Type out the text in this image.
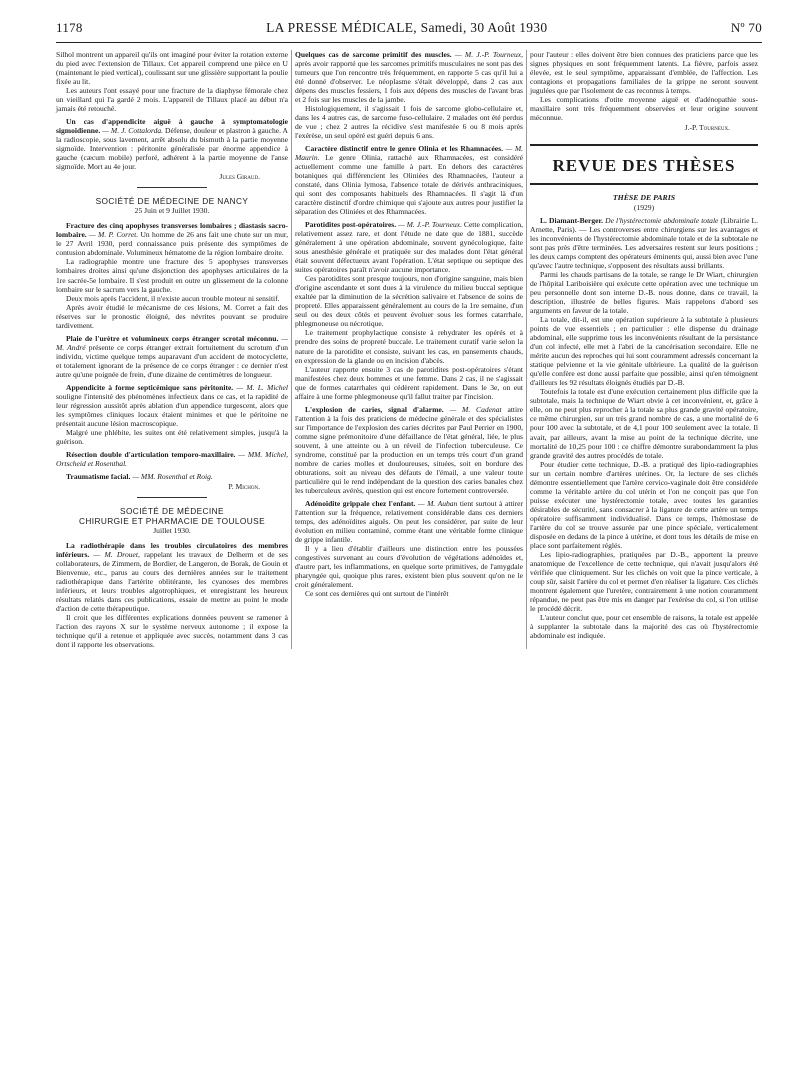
1178	LA PRESSE MÉDICALE, Samedi, 30 Août 1930	Nº 70

Silhol montrent un appareil qu'ils ont imaginé pour éviter la rotation externe du pied avec l'extension de Tillaux. Cet appareil comprend une pièce en U (maintenant le pied vertical), coulissant sur une glissière supportant la poulie fixée au lit.

Les auteurs l'ont essayé pour une fracture de la diaphyse fémorale chez un vieillard qui l'a gardé 2 mois. L'appareil de Tillaux placé au début n'a jamais été retouché.

Un cas d'appendicite aiguë à gauche à symptomatologie sigmoïdienne. — M. J. Cottalorda. Défense, douleur et plastron à gauche. A la radioscopie, sous lavement, arrêt absolu du bismuth à la partie moyenne sigmoïde. Intervention : péritonite généralisée par énorme appendice à gauche (cæcum mobile) perforé, adhérent à la partie moyenne de l'anse sigmoïde. Mort au 4e jour.

Jules Giraud.
SOCIÉTÉ DE MÉDECINE DE NANCY
25 Juin et 9 Juillet 1930.

Fracture des cinq apophyses transverses lombaires ; diastasis sacro-lombaire. — M. P. Corret. Un homme de 26 ans fait une chute sur un mur, le 27 Avril 1930, perd connaissance puis présente des symptômes de contusion abdominale. Volumineux hématome de la région lombaire droite.

La radiographie montre une fracture des 5 apophyses transverses lombaires droites ainsi qu'une disjonction des apophyses articulaires de la 1re sacrée-5e lombaire. Il s'est produit en outre un glissement de la colonne lombaire sur le sacrum vers la gauche.

Deux mois après l'accident, il n'existe aucun trouble moteur ni sensitif.

Après avoir étudié le mécanisme de ces lésions, M. Corret a fait des réserves sur le pronostic éloigné, des névrites pouvant se produire tardivement.

Plaie de l'urètre et volumineux corps étranger scrotal méconnu. — M. André présente ce corps étranger extrait fortuitement du scrotum d'un individu, victime quelque temps auparavant d'un accident de motocyclette, et totalement ignorant de la présence de ce corps étranger : ce dernier n'est autre qu'une poignée de frein, d'une dizaine de centimètres de longueur.

Appendicite à forme septicémique sans péritonite. — M. L. Michel souligne l'intensité des phénomènes infectieux dans ce cas, et la rapidité de leur régression aussitôt après ablation d'un appendice turgescent, alors que les symptômes cliniques locaux étaient minimes et que le péritoine ne présentait aucune lésion macroscopique.

Malgré une phlébite, les suites ont été relativement simples, jusqu'à la guérison.

Résection double d'articulation temporo-maxillaire. — MM. Michel, Ortscheid et Rosenthal.

Traumatisme facial. — MM. Rosenthal et Roig.

P. Michon.
SOCIÉTÉ DE MÉDECINE
CHIRURGIE ET PHARMACIE DE TOULOUSE
Juillet 1930.

La radiothérapie dans les troubles circulatoires des membres inférieurs. — M. Drouet, rappelant les travaux de Delherm et de ses collaborateurs, de Zimmern, de Bordier, de Langeron, de Borak, de Gouin et Bienvenue, etc., parus au cours des dernières années sur le traitement radiothérapique dans l'artérite oblitérante, les cyanoses des membres inférieurs, et leurs troubles algotrophiques, et enregistrant les heureux résultats relatés dans ces publications, essaie de mettre au point le mode d'action de cette thérapeutique.

Il croit que les différentes explications données peuvent se ramener à l'action des rayons X sur le système nerveux autonome ; il expose la technique qu'il a retenue et appliquée avec succès, notamment dans 3 cas dont il rapporte les observations.

Quelques cas de sarcome primitif des muscles. — M. J.-P. Tourneux, après avoir rapporté que les sarcomes primitifs musculaires ne sont pas des tumeurs que l'on rencontre très fréquemment, en rapporte 5 cas qu'il lui a été donné d'observer. Le néoplasme s'était développé, dans 2 cas aux dépens des muscles fessiers, 1 fois aux dépens des muscles de l'avant bras et 2 fois sur les muscles de la jambe.

Histologiquement, il s'agissait 1 fois de sarcome globo-cellulaire et, dans les 4 autres cas, de sarcome fuso-cellulaire. 2 malades ont été perdus de vue ; chez 2 autres la récidive s'est manifestée 6 ou 8 mois après l'exérèse, un seul opéré est guéri depuis 6 ans.

Caractère distinctif entre le genre Olinia et les Rhamnacées. — M. Maurin. Le genre Olinia, rattaché aux Rhamnacées, est considéré actuellement comme une famille à part. En dehors des caractères botaniques qui différencient les Oliniées des Rhamnacées, l'auteur a constaté, dans Olinia lymosa, l'absence totale de dérivés anthraciniques, qui sont des composants habituels des Rhamnacées. Il s'agit là d'un caractère distinctif d'ordre chimique qui s'ajoute aux autres pour justifier la séparation des Oliniées et des Rhamnacées.

Parotidites post-opératoires. — M. J.-P. Tourneux. Cette complication, relativement assez rare, et dont l'étude ne date que de 1881, succède généralement à une opération abdominale, souvent gynécologique, faite sous anesthésie générale et pratiquée sur des malades dont l'état général était souvent défectueux avant l'opération. L'état septique ou septique des suites opératoires paraît n'avoir aucune importance.

Ces parotidites sont presque toujours, non d'origine sanguine, mais bien d'origine ascendante et sont dues à la virulence du milieu buccal septique exaltée par la diminution de la sécrétion salivaire et l'absence de soins de propreté. Elles apparaissent généralement au cours de la 1re semaine, d'un seul ou des deux côtés et peuvent évoluer sous les formes catarrhale, phlegmoneuse ou nécrotique.

Le traitement prophylactique consiste à rehydrater les opérés et à prendre des soins de propreté buccale. Le traitement curatif varie selon la nature de la parotidite et consiste, suivant les cas, en pansements chauds, en expression de la glande ou en incision d'abcès.

L'auteur rapporte ensuite 3 cas de parotidites post-opératoires s'étant manifestées chez deux hommes et une femme. Dans 2 cas, il ne s'agissait que de formes catarrhales qui cédèrent rapidement. Dans le 3e, on eut affaire à une forme phlegmoneuse qu'il fallut traiter par l'incision.

L'explosion de caries, signal d'alarme. — M. Cadenat attire l'attention à la fois des praticiens de médecine générale et des spécialistes sur l'importance de l'explosion des caries décrites par Paul Perrier en 1900, comme signe prémonitoire d'une défaillance de l'état général, liée, le plus souvent, à une atteinte ou à un réveil de l'infection tuberculeuse. Ce syndrome, constitué par la production en un temps très court d'un grand nombre de caries molles et douloureuses, situées, soit en bordure des obturations, soit au niveau des défauts de l'émail, a une valeur toute particulière qui le rend indépendant de la question des caries banales chez les tuberculeux avérés, question qui est encore fortement controversée.

Adénoïdite grippale chez l'enfant. — M. Auban tient surtout à attirer l'attention sur la fréquence, relativement considérable dans ces derniers temps, des adénoïdites aiguës. On peut les considérer, par suite de leur évolution en milieu contaminé, comme étant une véritable forme clinique de grippe infantile.

Il y a lieu d'établir d'ailleurs une distinction entre les poussées congestives survenant au cours d'évolution de végétations adénoïdes et, d'autre part, les inflammations, en quelque sorte primitives, de l'amygdale pharyngée qui, quoique plus rares, existent bien plus souvent qu'on ne le croit généralement.

Ce sont ces dernières qui ont surtout de l'intérêt

pour l'auteur : elles doivent être bien connues des praticiens parce que les signes physiques en sont fréquemment latents. La fièvre, parfois assez élevée, est le seul symptôme, apparaissant d'emblée, de l'affection. Les contagions et propagations familiales de la grippe ne seront souvent jugulées que par l'isolement de cas reconnus à temps.

Les complications d'otite moyenne aiguë et d'adénopathie sous-maxillaire sont très fréquemment observées et leur origine souvent méconnue.

J.-P. Tourneux.
REVUE DES THÈSES
THÈSE DE PARIS
(1929)

L. Diamant-Berger. De l'hystérectomie abdominale totale (Librairie L. Arnette, Paris). — Les controverses entre chirurgiens sur les avantages et les inconvénients de l'hystérectomie abdominale totale et de la subtotale ne sont pas près d'être terminées. Les adversaires restent sur leurs positions ; les deux camps comptent des opérateurs éminents qui, aussi bien avec l'une qu'avec l'autre technique, s'opposent des résultats aussi brillants.

Parmi les chauds partisans de la totale, se range le Dr Wiart, chirurgien de l'hôpital Lariboisière qui exécute cette opération avec une technique un peu personnelle dont son interne D.-B. nous donne, dans ce travail, la description, illustrée de belles figures. Mais rappelons d'abord ses arguments en faveur de la totale.

La totale, dit-il, est une opération supérieure à la subtotale à plusieurs points de vue essentiels ; en particulier : elle dispense du drainage abdominal, elle supprime tous les inconvénients résultant de la persistance d'un col infecté, elle met à l'abri de la cancérisation secondaire. Elle ne mérite aucun des reproches qui lui sont couramment adressés concernant la statique pelvienne et la vie génitale ultérieure. La qualité de la guérison qu'elle confère est donc aussi parfaite que possible, ainsi qu'en témoignent d'ailleurs les 92 résultats éloignés étudiés par D.-B.

Toutefois la totale est d'une exécution certainement plus difficile que la subtotale, mais la technique de Wiart obvie à cet inconvénient, et, grâce à elle, on ne peut plus reprocher à la totale sa plus grande gravité opératoire, ce même chirurgien, sur un très grand nombre de cas, a une mortalité de 6 pour 100 avec la subtotale, et de 4,1 pour 100 seulement avec la totale. Il avait, par ailleurs, avant la mise au point de la technique décrite, une mortalité de 10,25 pour 100 : ce chiffre démontre surabondamment la plus grande gravité des autres procédés de totale.

Pour étudier cette technique, D.-B. a pratiqué des lipio-radiographies sur un certain nombre d'artères utérines. Or, la lecture de ses clichés démontre essentiellement que l'artère cervico-vaginale doit être considérée comme la véritable artère du col utérin et l'on ne conçoit pas que l'on puisse exécuter une hystérectomie totale, avec toutes les garanties désirables de sécurité, sans consacrer à la ligature de cette artère un temps opératoire suffisamment individualisé. Dans ce temps, l'hémostase de l'artère du col se trouve assurée par une pince spéciale, verticalement disposée en dedans de la pince à utérine, et dont tous les détails de mise en place sont parfaitement réglés.

Les lipio-radiographies, pratiquées par D.-B., apportent la preuve anatomique de l'excellence de cette technique, qui n'avait jusqu'alors été vérifiée que cliniquement. Sur les clichés on voit que la pince verticale, à coup sûr, saisit l'artère du col et permet d'en réaliser la ligature. Ces clichés montrent également que l'uretère, contrairement à une notion couramment répandue, ne peut pas être mis en danger par l'exérèse du col, si l'on utilise le procédé décrit.

L'auteur conclut que, pour cet ensemble de raisons, la totale est appelée à supplanter la subtotale dans la majorité des cas où l'hystérectomie abdominale est indiquée.
